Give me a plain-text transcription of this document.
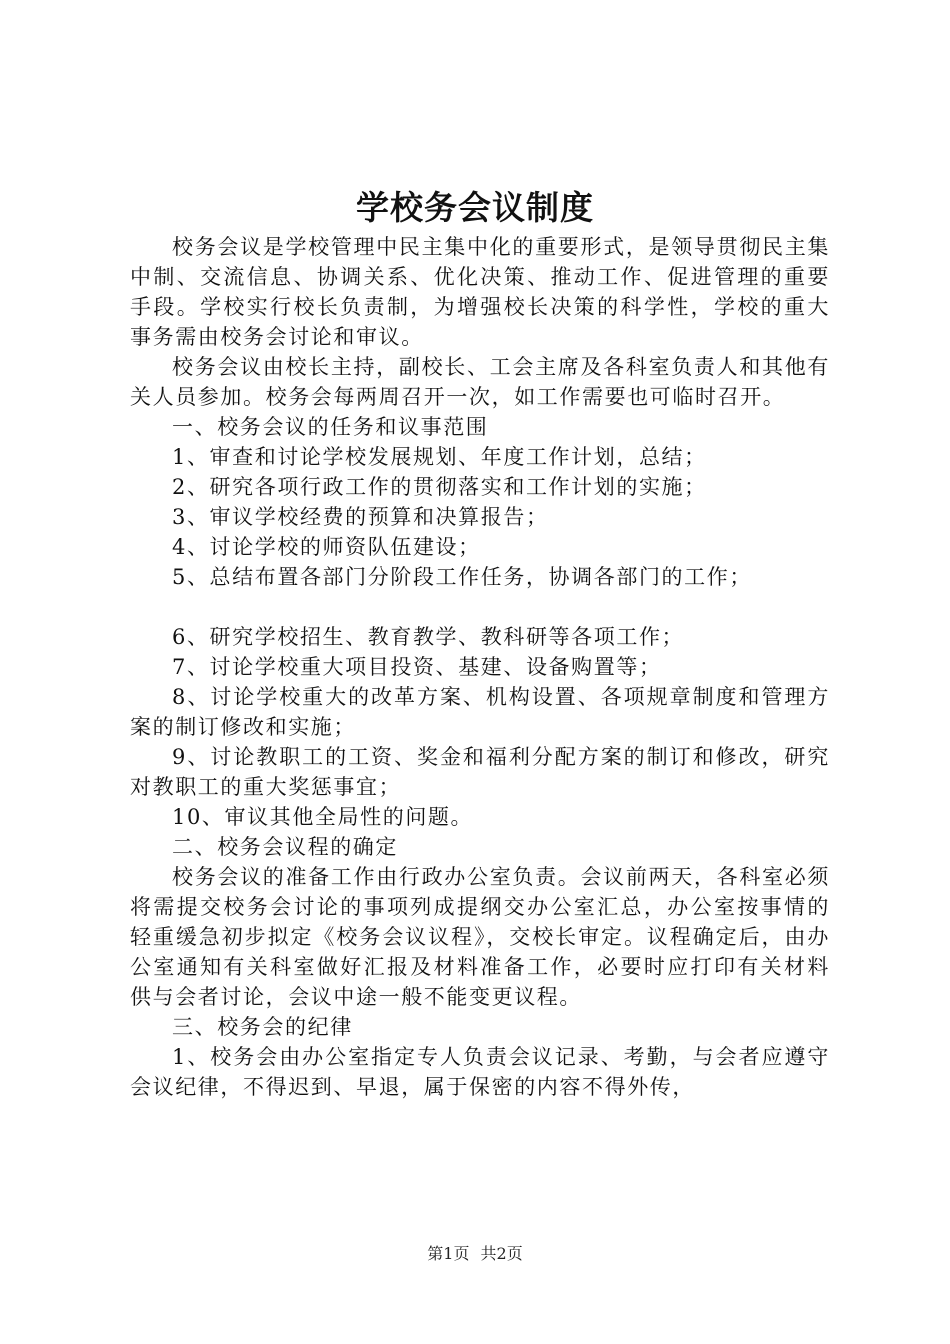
学校务会议制度

校务会议是学校管理中民主集中化的重要形式，是领导贯彻民主集中制、交流信息、协调关系、优化决策、推动工作、促进管理的重要手段。学校实行校长负责制，为增强校长决策的科学性，学校的重大事务需由校务会讨论和审议。

校务会议由校长主持，副校长、工会主席及各科室负责人和其他有关人员参加。校务会每两周召开一次，如工作需要也可临时召开。

一、校务会议的任务和议事范围

1、审查和讨论学校发展规划、年度工作计划，总结；

2、研究各项行政工作的贯彻落实和工作计划的实施；

3、审议学校经费的预算和决算报告；

4、讨论学校的师资队伍建设；

5、总结布置各部门分阶段工作任务，协调各部门的工作；

6、研究学校招生、教育教学、教科研等各项工作；

7、讨论学校重大项目投资、基建、设备购置等；

8、讨论学校重大的改革方案、机构设置、各项规章制度和管理方案的制订修改和实施；

9、讨论教职工的工资、奖金和福利分配方案的制订和修改，研究对教职工的重大奖惩事宜；

10、审议其他全局性的问题。

二、校务会议程的确定

校务会议的准备工作由行政办公室负责。会议前两天，各科室必须将需提交校务会讨论的事项列成提纲交办公室汇总，办公室按事情的轻重缓急初步拟定《校务会议议程》，交校长审定。议程确定后，由办公室通知有关科室做好汇报及材料准备工作，必要时应打印有关材料供与会者讨论，会议中途一般不能变更议程。

三、校务会的纪律

1、校务会由办公室指定专人负责会议记录、考勤，与会者应遵守会议纪律，不得迟到、早退，属于保密的内容不得外传，

第1页 共2页
